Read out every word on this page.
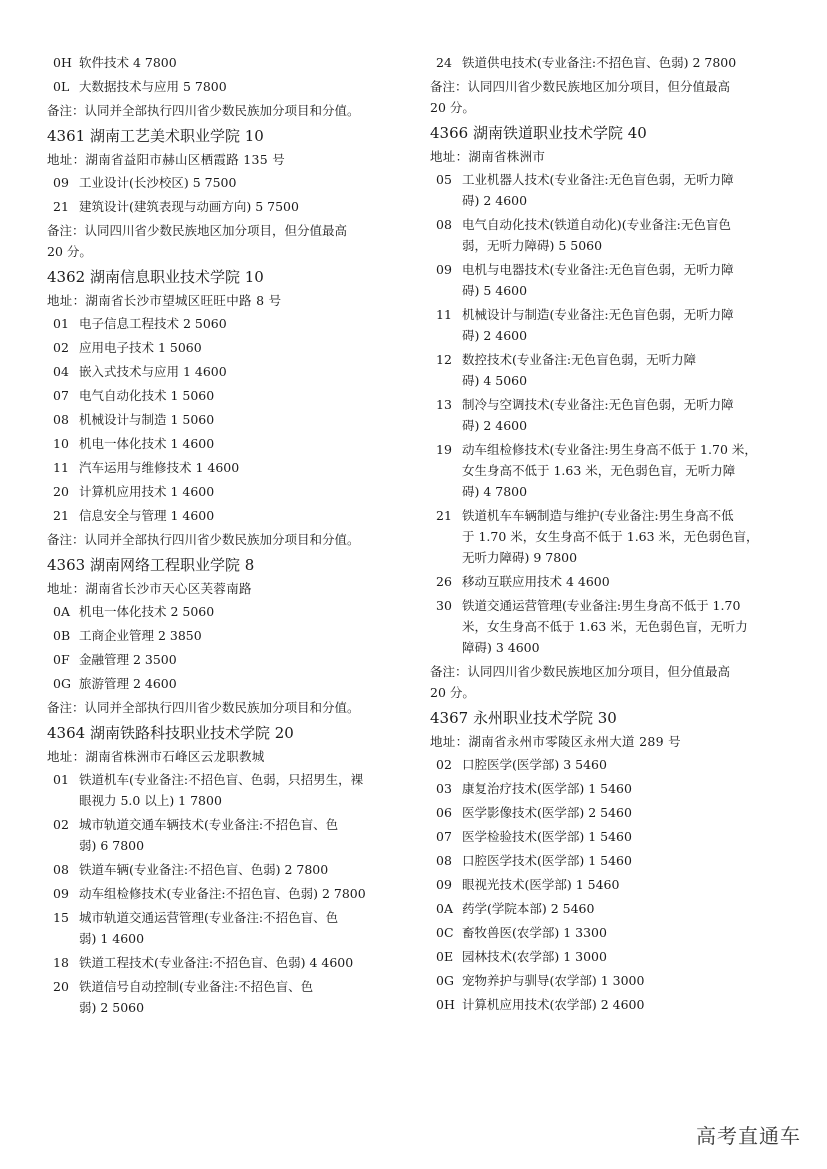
0H 软件技术 4 7800
0L 大数据技术与应用 5 7800
备注：认同并全部执行四川省少数民族加分项目和分值。
4361 湖南工艺美术职业学院 10
地址：湖南省益阳市赫山区栖霞路 135 号
09 工业设计(长沙校区) 5 7500
21 建筑设计(建筑表现与动画方向) 5 7500
备注：认同四川省少数民族地区加分项目，但分值最高
20 分。
4362 湖南信息职业技术学院 10
地址：湖南省长沙市望城区旺旺中路 8 号
01 电子信息工程技术 2 5060
02 应用电子技术 1 5060
04 嵌入式技术与应用 1 4600
07 电气自动化技术 1 5060
08 机械设计与制造 1 5060
10 机电一体化技术 1 4600
11 汽车运用与维修技术 1 4600
20 计算机应用技术 1 4600
21 信息安全与管理 1 4600
备注：认同并全部执行四川省少数民族加分项目和分值。
4363 湖南网络工程职业学院 8
地址：湖南省长沙市天心区芙蓉南路
0A 机电一体化技术 2 5060
0B 工商企业管理 2 3850
0F 金融管理 2 3500
0G 旅游管理 2 4600
备注：认同并全部执行四川省少数民族加分项目和分值。
4364 湖南铁路科技职业技术学院 20
地址：湖南省株洲市石峰区云龙职教城
01 铁道机车(专业备注:不招色盲、色弱，只招男生，裸
眼视力 5.0 以上) 1 7800
02 城市轨道交通车辆技术(专业备注:不招色盲、色
弱) 6 7800
08 铁道车辆(专业备注:不招色盲、色弱) 2 7800
09 动车组检修技术(专业备注:不招色盲、色弱) 2 7800
15 城市轨道交通运营管理(专业备注:不招色盲、色
弱) 1 4600
18 铁道工程技术(专业备注:不招色盲、色弱) 4 4600
20 铁道信号自动控制(专业备注:不招色盲、色
弱) 2 5060
24 铁道供电技术(专业备注:不招色盲、色弱) 2 7800
备注：认同四川省少数民族地区加分项目，但分值最高
20 分。
4366 湖南铁道职业技术学院 40
地址：湖南省株洲市
05 工业机器人技术(专业备注:无色盲色弱，无听力障
碍) 2 4600
08 电气自动化技术(铁道自动化)(专业备注:无色盲色
弱，无听力障碍) 5 5060
09 电机与电器技术(专业备注:无色盲色弱，无听力障
碍) 5 4600
11 机械设计与制造(专业备注:无色盲色弱，无听力障
碍) 2 4600
12 数控技术(专业备注:无色盲色弱，无听力障
碍) 4 5060
13 制冷与空调技术(专业备注:无色盲色弱，无听力障
碍) 2 4600
19 动车组检修技术(专业备注:男生身高不低于 1.70 米，
女生身高不低于 1.63 米，无色弱色盲，无听力障
碍) 4 7800
21 铁道机车车辆制造与维护(专业备注:男生身高不低
于 1.70 米，女生身高不低于 1.63 米，无色弱色盲，
无听力障碍) 9 7800
26 移动互联应用技术 4 4600
30 铁道交通运营管理(专业备注:男生身高不低于 1.70
米，女生身高不低于 1.63 米，无色弱色盲，无听力
障碍) 3 4600
备注：认同四川省少数民族地区加分项目，但分值最高
20 分。
4367 永州职业技术学院 30
地址：湖南省永州市零陵区永州大道 289 号
02 口腔医学(医学部) 3 5460
03 康复治疗技术(医学部) 1 5460
06 医学影像技术(医学部) 2 5460
07 医学检验技术(医学部) 1 5460
08 口腔医学技术(医学部) 1 5460
09 眼视光技术(医学部) 1 5460
0A 药学(学院本部) 2 5460
0C 畜牧兽医(农学部) 1 3300
0E 园林技术(农学部) 1 3000
0G 宠物养护与驯导(农学部) 1 3000
0H 计算机应用技术(农学部) 2 4600
高考直通车
